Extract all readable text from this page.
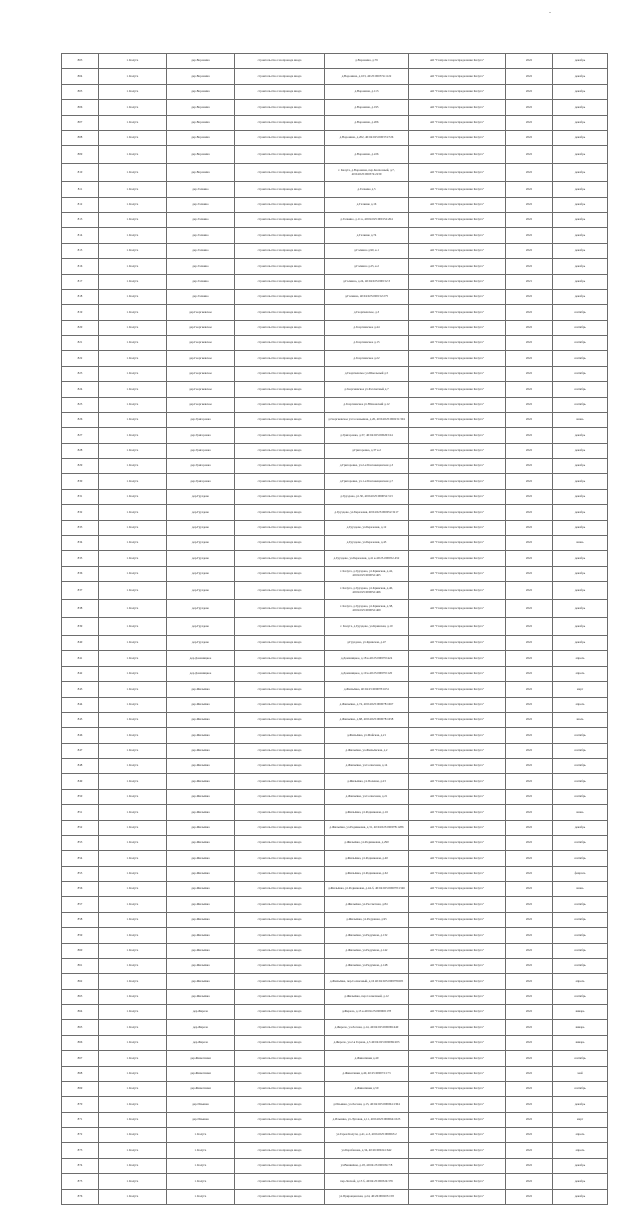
-
803	г. Калуга	дер.Воронина	строительство газопровода ввода	д.Воронина, д.79	АО "Газпром газораспределение Калуга"	2022	декабрь
804	г. Калуга	дер.Воронина	строительство газопровода ввода	д.Воронина, д.103, 40:25:000374:1122	АО "Газпром газораспределение Калуга"	2022	декабрь
805	г. Калуга	дер.Воронина	строительство газопровода ввода	д.Воронина, д.113	АО "Газпром газораспределение Калуга"	2022	декабрь
806	г. Калуга	дер.Воронина	строительство газопровода ввода	д.Воронина, д.195	АО "Газпром газораспределение Калуга"	2022	декабрь
807	г. Калуга	дер.Воронина	строительство газопровода ввода	д.Воронина, д.206	АО "Газпром газораспределение Калуга"	2022	декабрь
808	г. Калуга	дер.Воронина	строительство газопровода ввода	д.Воронина, д.202, 40:04:025:000374:726	АО "Газпром газораспределение Калуга"	2022	декабрь
809	г. Калуга	дер.Воронина	строительство газопровода ввода	д.Воронина, д.226	АО "Газпром газораспределение Калуга"	2022	декабрь
810	г. Калуга	дер.Воронина	строительство газопровода ввода	г. Калуга, д.Воронина, пер.Колхозный, д.7, 40:04:025:000374:2239	АО "Газпром газораспределение Калуга"	2022	декабрь
811	г. Калуга	дер.Галкино	строительство газопровода ввода	д.Галкино д.5	АО "Газпром газораспределение Калуга"	2022	декабрь
812	г. Калуга	дер.Галкино	строительство газопровода ввода	д.Галкино д.16	АО "Газпром газораспределение Калуга"	2022	декабрь
813	г. Калуга	дер.Галкино	строительство газопровода ввода	д.Галкино, д.11 к, 40:04:025:000152:264	АО "Газпром газораспределение Калуга"	2022	декабрь
814	г. Калуга	дер.Галкино	строительство газопровода ввода	д.Галкино д.74	АО "Газпром газораспределение Калуга"	2022	декабрь
815	г. Калуга	дер.Галкино	строительство газопровода ввода	д.Галкино д.90, к.1	АО "Газпром газораспределение Калуга"	2022	декабрь
816	г. Калуга	дер.Галкино	строительство газопровода ввода	д.Галкино д.25, к.2	АО "Газпром газораспределение Калуга"	2022	декабрь
817	г. Калуга	дер.Галкино	строительство газопровода ввода	д.Галкино, д.24, 40:04:025:000152:3	АО "Газпром газораспределение Калуга"	2021	декабрь
818	г. Калуга	дер.Галкино	строительство газопровода ввода	д.Галкино, 40:04:025:000152:275	АО "Газпром газораспределение Калуга"	2022	декабрь
819	г. Калуга	дер.Георгиевское	строительство газопровода ввода	д.Георгиевское, д.3	АО "Газпром газораспределение Калуга"	2022	сентябрь
820	г. Калуга	дер.Георгиевское	строительство газопровода ввода	д.Георгиевское д.44	АО "Газпром газораспределение Калуга"	2022	сентябрь
821	г. Калуга	дер.Георгиевское	строительство газопровода ввода	д.Георгиевское д.15	АО "Газпром газораспределение Калуга"	2022	сентябрь
822	г. Калуга	дер.Георгиевское	строительство газопровода ввода	д.Георгиевское д.22	АО "Газпром газораспределение Калуга"	2022	сентябрь
823	г. Калуга	дер.Георгиевское	строительство газопровода ввода	д.Георгиевское ул.Школьный д.5	АО "Газпром газораспределение Калуга"	2022	сентябрь
824	г. Калуга	дер.Георгиевское	строительство газопровода ввода	д.Георгиевское ул.Рассветный д.7	АО "Газпром газораспределение Калуга"	2022	сентябрь
825	г. Калуга	дер.Георгиевское	строительство газопровода ввода	д.Георгиевское ул.Юхновский д.12	АО "Газпром газораспределение Калуга"	2022	сентябрь
826	г. Калуга	дер.Григоровка	строительство газопровода ввода	д.Георгиевское ул.Соловьиная, д.26, 40:04:025:000231:304	АО "Газпром газораспределение Калуга"	2022	июнь
827	г. Калуга	дер.Григоровка	строительство газопровода ввода	д.Григоровка, д.37, 40:04:025:000263:24	АО "Газпром газораспределение Калуга"	2022	декабрь
828	г. Калуга	дер.Григоровка	строительство газопровода ввода	д.Григоровка, д.37 к.2	АО "Газпром газораспределение Калуга"	2022	декабрь
829	г. Калуга	дер.Григоровка	строительство газопровода ввода	д.Григоровка, ул.2-я Благовещенская д.3	АО "Газпром газораспределение Калуга"	2022	декабрь
830	г. Калуга	дер.Григоровка	строительство газопровода ввода	д.Григоровка, ул.1-я Благовещенская д.7	АО "Газпром газораспределение Калуга"	2022	декабрь
831	г. Калуга	дер.Груздово	строительство газопровода ввода	д.Груздово, ул.30, 40:04:025:000052:313	АО "Газпром газораспределение Калуга"	2022	декабрь
832	г. Калуга	дер.Груздово	строительство газопровода ввода	д.Груздово, ул.Березовая, 40:04:025:000052:3217	АО "Газпром газораспределение Калуга"	2022	декабрь
833	г. Калуга	дер.Груздово	строительство газопровода ввода	д.Груздово, ул.Березовая, д.12	АО "Газпром газораспределение Калуга"	2022	декабрь
834	г. Калуга	дер.Груздово	строительство газопровода ввода	д.Груздово, ул.Березовая, д.43	АО "Газпром газораспределение Калуга"	2022	июнь
835	г. Калуга	дер.Груздово	строительство газопровода ввода	д.Груздово, ул.Березовая, д.41 к.40:25-000052-452	АО "Газпром газораспределение Калуга"	2022	декабрь
836	г. Калуга	дер.Груздово	строительство газопровода ввода	г. Калуга, д.Груздово, ул.Кривская, д.42, 40:04:025:000052:465	АО "Газпром газораспределение Калуга"	2022	декабрь
837	г. Калуга	дер.Груздово	строительство газопровода ввода	г. Калуга, д.Груздово, ул.Кривская, д.40, 40:04:025:000052:466	АО "Газпром газораспределение Калуга"	2022	декабрь
838	г. Калуга	дер.Груздово	строительство газопровода ввода	г. Калуга, д.Груздово, ул.Кривская, д.38, 40:04:025:000052:469	АО "Газпром газораспределение Калуга"	2022	декабрь
839	г. Калуга	дер.Груздово	строительство газопровода ввода	г. Калуга, д.Груздово, ул.Кривская, д.10	АО "Газпром газораспределение Калуга"	2022	декабрь
840	г. Калуга	дер.Груздово	строительство газопровода ввода	д.Груздово, ул.Кривская, д.47	АО "Газпром газораспределение Калуга"	2022	декабрь
841	г. Калуга	дер.Доманицкое	строительство газопровода ввода	д.Доманицкое, д.18 к.40:25:000070:424	АО "Газпром газораспределение Калуга"	2022	апрель
842	г. Калуга	дер.Доманицкое	строительство газопровода ввода	д.Доманицкое, д.19 к.40:25:000070:120	АО "Газпром газораспределение Калуга"	2022	апрель
843	г. Калуга	дер.Жильёвка	строительство газопровода ввода	д.Жильёвка, 40:04:25:000078:1651	АО "Газпром газораспределение Калуга"	2022	март
844	г. Калуга	дер.Жильёвка	строительство газопровода ввода	д.Жильёвка, д.74, 40:04:025:000078:1667	АО "Газпром газораспределение Калуга"	2022	апрель
845	г. Калуга	дер.Жильёвка	строительство газопровода ввода	д.Жильёвка, д.68, 40:04:025:000078:1658	АО "Газпром газораспределение Калуга"	2022	июль
846	г. Калуга	дер.Жильёвка	строительство газопровода ввода	д.Жильёвка, ул.Майская, д.21	АО "Газпром газораспределение Калуга"	2022	сентябрь
847	г. Калуга	дер.Жильёвка	строительство газопровода ввода	д.Жильёвка, ул.Жильёвская, д.2	АО "Газпром газораспределение Калуга"	2022	сентябрь
848	г. Калуга	дер.Жильёвка	строительство газопровода ввода	д.Жильёвка, ул.Солнечная, д.14	АО "Газпром газораспределение Калуга"	2022	сентябрь
849	г. Калуга	дер.Жильёвка	строительство газопровода ввода	д.Жильёвка, ул.Полевая, д.23	АО "Газпром газораспределение Калуга"	2022	сентябрь
850	г. Калуга	дер.Жильёвка	строительство газопровода ввода	д.Жильёвка, ул.Солнечная, д.21	АО "Газпром газораспределение Калуга"	2022	сентябрь
851	г. Калуга	дер.Жильёвка	строительство газопровода ввода	д.Жильёвка, ул.Родниковая, д.16	АО "Газпром газораспределение Калуга"	2022	июнь
852	г. Калуга	дер.Жильёвка	строительство газопровода ввода	д.Жильёвка, ул.Родниковая, д.31, 40:04:025:000078:1286	АО "Газпром газораспределение Калуга"	2022	декабрь
853	г. Калуга	дер.Жильёвка	строительство газопровода ввода	д.Жильёвка, ул.Родниковая, д.290	АО "Газпром газораспределение Калуга"	2022	сентябрь
854	г. Калуга	дер.Жильёвка	строительство газопровода ввода	д.Жильёвка, ул.Родниковая, д.40	АО "Газпром газораспределение Калуга"	2022	сентябрь
855	г. Калуга	дер.Жильёвка	строительство газопровода ввода	д.Жильёвка, ул.Родниковая, д.62	АО "Газпром газораспределение Калуга"	2022	февраль
856	г. Калуга	дер.Жильёвка	строительство газопровода ввода	д.Жильёвка, ул.Родниковая, д.44-б, 40:04:025:000078:1346	АО "Газпром газораспределение Калуга"	2022	июнь
857	г. Калуга	дер.Жильёвка	строительство газопровода ввода	д.Жильёвка, ул.Рассветная, д.84	АО "Газпром газораспределение Калуга"	2022	сентябрь
858	г. Калуга	дер.Жильёвка	строительство газопровода ввода	д.Жильёвка, ул.Радужная, д.95	АО "Газпром газораспределение Калуга"	2022	сентябрь
859	г. Калуга	дер.Жильёвка	строительство газопровода ввода	д.Жильёвка, ул.Радужная, д.132	АО "Газпром газораспределение Калуга"	2022	сентябрь
860	г. Калуга	дер.Жильёвка	строительство газопровода ввода	д.Жильёвка, ул.Радужная, д.142	АО "Газпром газораспределение Калуга"	2022	сентябрь
861	г. Калуга	дер.Жильёвка	строительство газопровода ввода	д.Жильёвка, ул.Радужная, д.148	АО "Газпром газораспределение Калуга"	2022	сентябрь
862	г. Калуга	дер.Жильёвка	строительство газопровода ввода	д.Жильёвка, пер.Солнечный, д.16 40:04:025:000078:605	АО "Газпром газораспределение Калуга"	2022	апрель
863	г. Калуга	дер.Жильёвка	строительство газопровода ввода	д.Жильёвка, пер.Солнечный, д.12	АО "Газпром газораспределение Калуга"	2022	сентябрь
864	г. Калуга	дер.Жерело	строительство газопровода ввода	д.Жерело, д.13 к.40:04:25:000069:178	АО "Газпром газораспределение Калуга"	2022	январь
865	г. Калуга	дер.Жерело	строительство газопровода ввода	д.Жерело, ул.Лесная, д.14, 40:04:025:000069:440	АО "Газпром газораспределение Калуга"	2022	январь
866	г. Калуга	дер.Жерело	строительство газопровода ввода	д.Жерело, ул.2-я Горная, д.3 40:04:025:000069:203	АО "Газпром газораспределение Калуга"	2022	январь
867	г. Калуга	дер.Животинки	строительство газопровода ввода	д.Животинки д.40	АО "Газпром газораспределение Калуга"	2022	сентябрь
868	г. Калуга	дер.Животинки	строительство газопровода ввода	д.Животинки д.40, 40:25:000072:173	АО "Газпром газораспределение Калуга"	2022	май
869	г. Калуга	дер.Животинки	строительство газопровода ввода	д.Животинки д.59	АО "Газпром газораспределение Калуга"	2022	сентябрь
870	г. Калуга	дер.Ильинка	строительство газопровода ввода	д.Ильинка, ул.Лесная, д.15, 40:04:025:000064:1364	АО "Газпром газораспределение Калуга"	2022	декабрь
871	г. Калуга	дер.Ильинка	строительство газопровода ввода	д.Ильинка, ул.Луговая, д.11, 40:04:025:000064:1023	АО "Газпром газораспределение Калуга"	2022	март
872	г. Калуга	г. Калуга	строительство газопровода ввода	ул.Героя Калуги, д.41, к.3, 40:04:025:000063:2	АО "Газпром газораспределение Калуга"	2022	апрель
873	г. Калуга	г. Калуга	строительство газопровода ввода	ул.Барабанова, д.34, 40:26:000241:642	АО "Газпром газораспределение Калуга"	2022	апрель
874	г. Калуга	г. Калуга	строительство газопровода ввода	ул.Вишнёвая, д.18, 40:04:25:000184:7/8	АО "Газпром газораспределение Калуга"	2022	декабрь
875	г. Калуга	г. Калуга	строительство газопровода ввода	пер.Лесной, д.13 б, 40:04:25:000324:376	АО "Газпром газораспределение Калуга"	2022	декабрь
876	г. Калуга	г. Калуга	строительство газопровода ввода	ул.Прирощенская, д.24, 40:26:000205:158	АО "Газпром газораспределение Калуга"	2022	декабрь
